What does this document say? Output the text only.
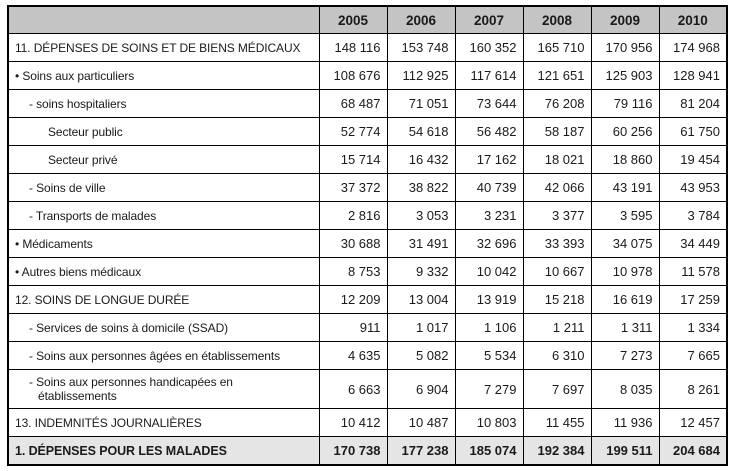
	2005	2006	2007	2008	2009	2010
11. DÉPENSES DE SOINS ET DE BIENS MÉDICAUX	148 116	153 748	160 352	165 710	170 956	174 968
• Soins aux particuliers	108 676	112 925	117 614	121 651	125 903	128 941
- soins hospitaliers	68 487	71 051	73 644	76 208	79 116	81 204
Secteur public	52 774	54 618	56 482	58 187	60 256	61 750
Secteur privé	15 714	16 432	17 162	18 021	18 860	19 454
- Soins de ville	37 372	38 822	40 739	42 066	43 191	43 953
- Transports de malades	2 816	3 053	3 231	3 377	3 595	3 784
• Médicaments	30 688	31 491	32 696	33 393	34 075	34 449
• Autres biens médicaux	8 753	9 332	10 042	10 667	10 978	11 578
12. SOINS DE LONGUE DURÉE	12 209	13 004	13 919	15 218	16 619	17 259
- Services de soins à domicile (SSAD)	911	1 017	1 106	1 211	1 311	1 334
- Soins aux personnes âgées en établissements	4 635	5 082	5 534	6 310	7 273	7 665
- Soins aux personnes handicapées en établissements	6 663	6 904	7 279	7 697	8 035	8 261
13. INDEMNITÉS JOURNALIÈRES	10 412	10 487	10 803	11 455	11 936	12 457
1. DÉPENSES POUR LES MALADES	170 738	177 238	185 074	192 384	199 511	204 684
